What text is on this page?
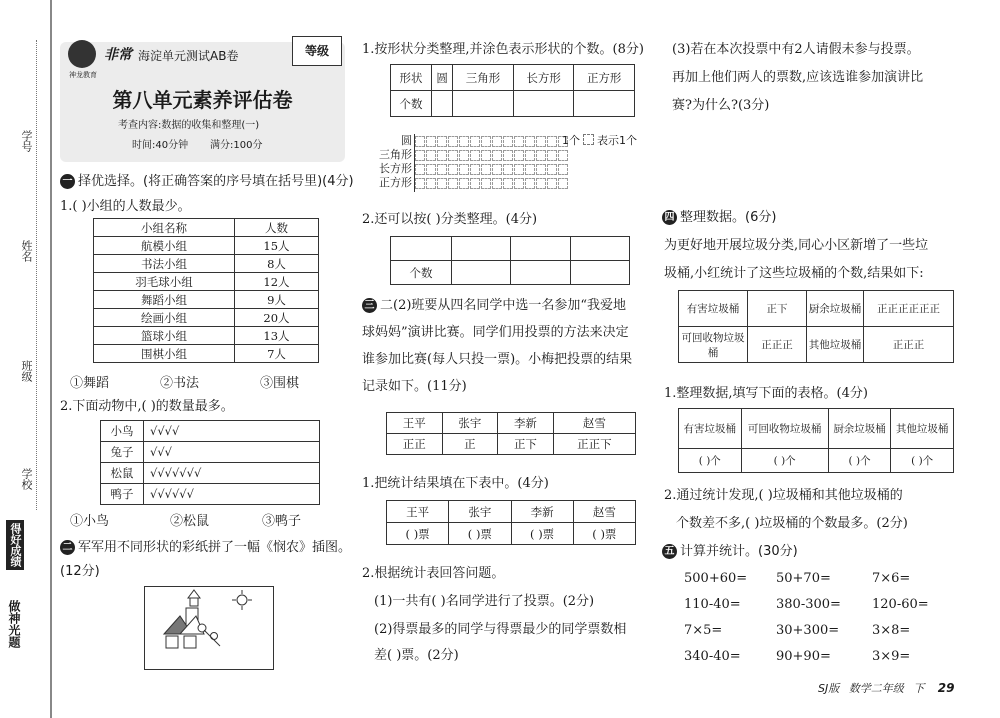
学号
姓名
班级
学校
得好成绩
做神光题
神龙教育
非常 海淀单元测试AB卷	等级
第八单元素养评估卷
考查内容:数据的收集和整理(一)
时间:40分钟 满分:100分
一 择优选择。(将正确答案的序号填在括号里)(4分)
1.( )小组的人数最少。
小组名称	人数
航模小组	15人
书法小组	8人
羽毛球小组	12人
舞蹈小组	9人
绘画小组	20人
篮球小组	13人
围棋小组	7人
①舞蹈	②书法	③围棋
2.下面动物中,( )的数量最多。
小鸟	√√√√
兔子	√√√
松鼠	√√√√√√√
鸭子	√√√√√√
①小鸟	②松鼠	③鸭子
二 军军用不同形状的彩纸拼了一幅《悯农》插图。
(12分)
1.按形状分类整理,并涂色表示形状的个数。(8分)
形状	圆	三角形	长方形	正方形
个数				
圆
三角形
长方形
正方形
1个 表示1个
2.还可以按( )分类整理。(4分)

个数			
三 二(2)班要从四名同学中选一名参加“我爱地
球妈妈”演讲比赛。同学们用投票的方法来决定
谁参加比赛(每人只投一票)。小梅把投票的结果
记录如下。(11分)
王平	张宇	李新	赵雪
正正	正	正下	正正下
1.把统计结果填在下表中。(4分)
王平	张宇	李新	赵雪
( )票	( )票	( )票	( )票
2.根据统计表回答问题。
(1)一共有( )名同学进行了投票。(2分)
(2)得票最多的同学与得票最少的同学票数相
差( )票。(2分)
(3)若在本次投票中有2人请假未参与投票。
再加上他们两人的票数,应该选谁参加演讲比
赛?为什么?(3分)
四 整理数据。(6分)
为更好地开展垃圾分类,同心小区新增了一些垃
圾桶,小红统计了这些垃圾桶的个数,结果如下:
有害垃圾桶	正下	厨余垃圾桶	正正正正正正
可回收物垃圾桶	正正正	其他垃圾桶	正正正
1.整理数据,填写下面的表格。(4分)
有害垃圾桶	可回收物垃圾桶	厨余垃圾桶	其他垃圾桶
( )个	( )个	( )个	( )个
2.通过统计发现,( )垃圾桶和其他垃圾桶的
个数差不多,( )垃圾桶的个数最多。(2分)
五 计算并统计。(30分)
500+60=	50+70=	7×6=
110-40=	380-300=	120-60=
7×5=	30+300=	3×8=
340-40=	90+90=	3×9=
SJ版 数学二年级 下 29
